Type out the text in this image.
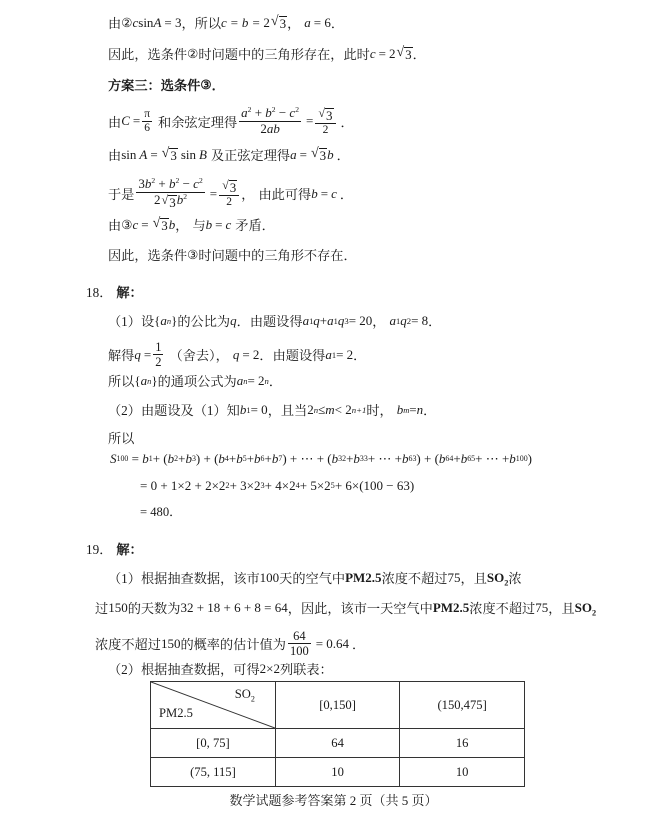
由 ② c sin A = 3 ， 所以 c = b = 2 √ 3 ， a = 6 ．
因此，选条件 ② 时问题中的三角形存在，此时 c = 2 √ 3 ．
方案三：选条件 ③ ．
由 $C = \frac{\pi}{6}$ 和余弦定理得 $\frac{a^2 + b^2 - c^2}{2ab} = \frac{√ 3}{2}$ ．
由 sin A = √ 3 sin B 及正弦定理得 a = √ 3 b ．
于是 $\frac{3b^2 + b^2 - c^2}{2 √ 3 b^2} = \frac{√ 3}{2}$ ， 由此可得 b = c ．
由 ③ c = √ 3 b ， 与 b = c 矛盾 ．
因此，选条件 ③ 时问题中的三角形不存在 ．
18． 解：
（1） 设 { a n } 的公比为 q ． 由题设得 a 1 q + a 1 q 3 = 20 ， a 1 q 2 = 8 ．
解得 $q = \frac{1}{2}$ （舍去）， q = 2 ． 由题设得 a 1 = 2 ．
所以 { a n } 的通项公式为 a n = 2 n ．
（2） 由题设及（1）知 b 1 = 0 ， 且当 2 n ≤ m < 2 n+1 时， b m = n ．
所以
S 100 = b 1 + ( b 2 + b 3 ) + ( b 4 + b 5 + b 6 + b 7 ) + ⋯ + ( b 32 + b 33 + ⋯ + b 63 ) + ( b 64 + b 65 + ⋯ + b 100 )
= 0 + 1×2 + 2×2 2 + 3×2 3 + 4×2 4 + 5×2 5 + 6×(100 − 63)
= 480．
19． 解：
（1） 根据抽查数据，该市 100 天的空气中 PM2.5 浓度不超过 75 ， 且 $SO_2$ 浓
过 150 的天数为 32 + 18 + 6 + 8 = 64 ， 因此，该市一天空气中 PM2.5 浓度不超过 75 ， 且 $SO_2$
浓度不超过 150 的概率的估计值为 $\frac{64}{100} = 0.64$ ．
（2） 根据抽查数据，可得 2×2 列联表：
$SO_2$
PM2.5	[0,150]	(150,475]
[0, 75]	64	16
(75, 115]	10	10
数学试题参考答案第 2 页（共 5 页）
